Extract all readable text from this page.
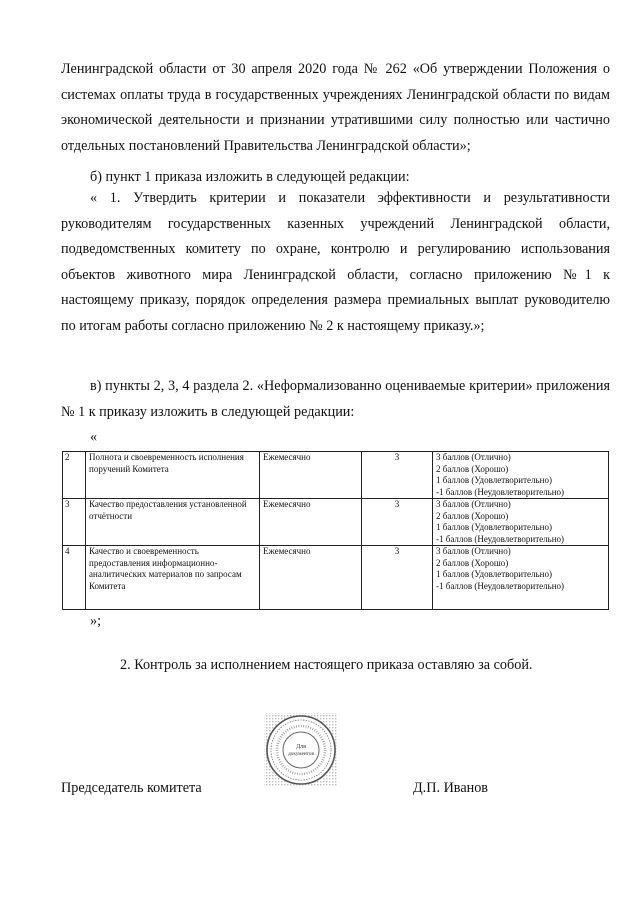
Ленинградской области от 30 апреля 2020 года № 262 «Об утверждении Положения о системах оплаты труда в государственных учреждениях Ленинградской области по видам экономической деятельности и признании утратившими силу полностью или частично отдельных постановлений Правительства Ленинградской области»;

б) пункт 1 приказа изложить в следующей редакции:

« 1. Утвердить критерии и показатели эффективности и результативности руководителям государственных казенных учреждений Ленинградской области, подведомственных комитету по охране, контролю и регулированию использования объектов животного мира Ленинградской области, согласно приложению №1 к настоящему приказу, порядок определения размера премиальных выплат руководителю по итогам работы согласно приложению № 2 к настоящему приказу.»;

в) пункты 2, 3, 4 раздела 2. «Неформализованно оцениваемые критерии» приложения № 1 к приказу изложить в следующей редакции:

«
2	Полнота и своевременность исполнения поручений Комитета	Ежемесячно	3	3 баллов (Отлично)
2 баллов (Хорошо)
1 баллов (Удовлетворительно)
-1 баллов (Неудовлетворительно)

3	Качество предоставления установленной отчётности	Ежемесячно	3	3 баллов (Отлично)
2 баллов (Хорошо)
1 баллов (Удовлетворительно)
-1 баллов (Неудовлетворительно)

4	Качество и своевременность предоставления информационно-аналитических материалов по запросам Комитета	Ежемесячно	3	3 баллов (Отлично)
2 баллов (Хорошо)
1 баллов (Удовлетворительно)
-1 баллов (Неудовлетворительно)
»;
2. Контроль за исполнением настоящего приказа оставляю за собой.
Для
документов
Председатель комитета	Д.П. Иванов
